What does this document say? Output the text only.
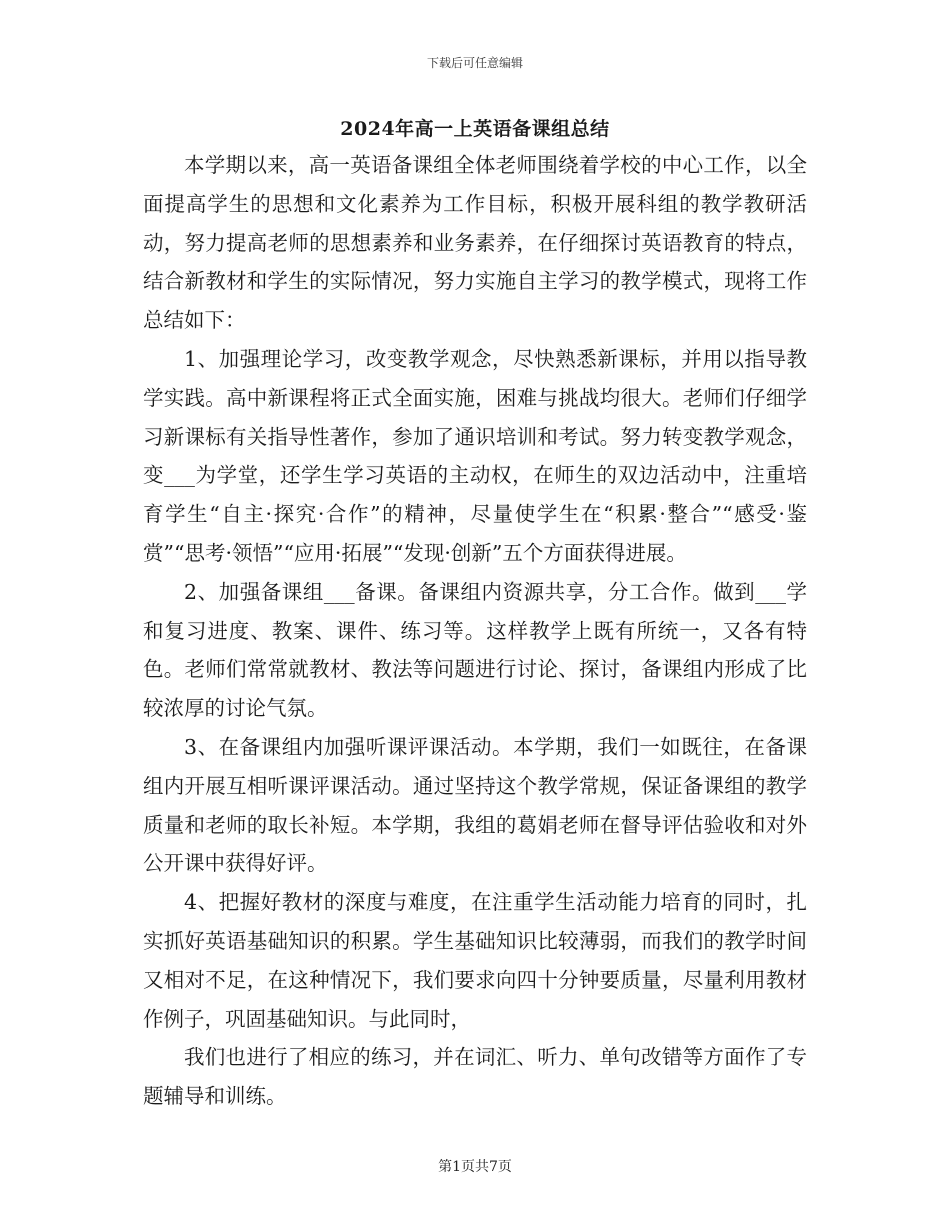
下载后可任意编辑
2024年高一上英语备课组总结

本学期以来，高一英语备课组全体老师围绕着学校的中心工作，以全面提高学生的思想和文化素养为工作目标，积极开展科组的教学教研活动，努力提高老师的思想素养和业务素养，在仔细探讨英语教育的特点，结合新教材和学生的实际情况，努力实施自主学习的教学模式，现将工作总结如下：

1、加强理论学习，改变教学观念，尽快熟悉新课标，并用以指导教学实践。高中新课程将正式全面实施，困难与挑战均很大。老师们仔细学习新课标有关指导性著作，参加了通识培训和考试。努力转变教学观念，变___为学堂，还学生学习英语的主动权，在师生的双边活动中，注重培育学生“自主·探究·合作”的精神，尽量使学生在“积累·整合”“感受·鉴赏”“思考·领悟”“应用·拓展”“发现·创新”五个方面获得进展。

2、加强备课组___备课。备课组内资源共享，分工合作。做到___学和复习进度、教案、课件、练习等。这样教学上既有所统一，又各有特色。老师们常常就教材、教法等问题进行讨论、探讨，备课组内形成了比较浓厚的讨论气氛。

3、在备课组内加强听课评课活动。本学期，我们一如既往，在备课组内开展互相听课评课活动。通过坚持这个教学常规，保证备课组的教学质量和老师的取长补短。本学期，我组的葛娟老师在督导评估验收和对外公开课中获得好评。

4、把握好教材的深度与难度，在注重学生活动能力培育的同时，扎实抓好英语基础知识的积累。学生基础知识比较薄弱，而我们的教学时间又相对不足，在这种情况下，我们要求向四十分钟要质量，尽量利用教材作例子，巩固基础知识。与此同时，

我们也进行了相应的练习，并在词汇、听力、单句改错等方面作了专题辅导和训练。

第1页共7页
